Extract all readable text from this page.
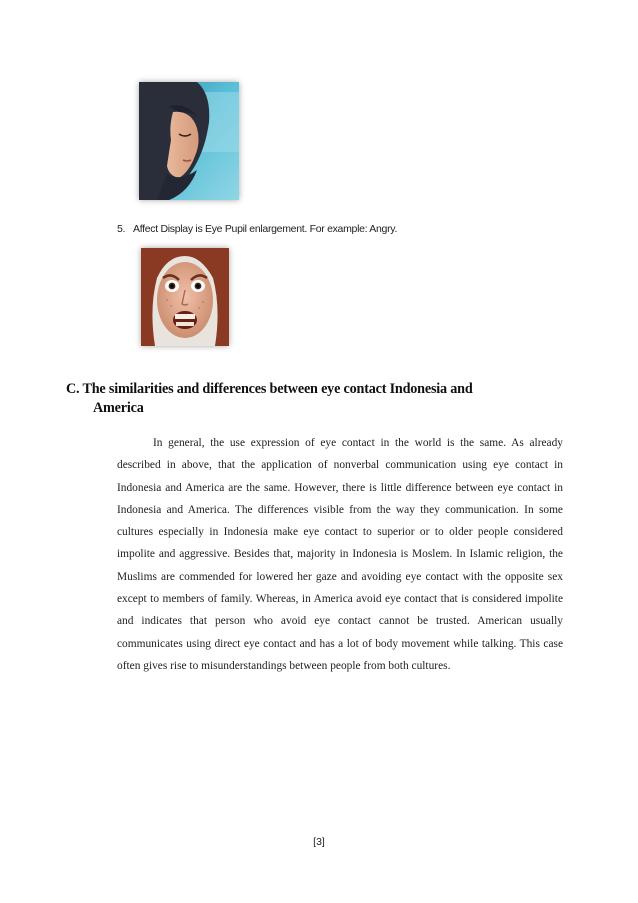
5. Affect Display is Eye Pupil enlargement. For example: Angry.
C. The similarities and differences between eye contact Indonesia and
America

In general, the use expression of eye contact in the world is the same. As already described in above, that the application of nonverbal communication using eye contact in Indonesia and America are the same. However, there is little difference between eye contact in Indonesia and America. The differences visible from the way they communication. In some cultures especially in Indonesia make eye contact to superior or to older people considered impolite and aggressive. Besides that, majority in Indonesia is Moslem. In Islamic religion, the Muslims are commended for lowered her gaze and avoiding eye contact with the opposite sex except to members of family. Whereas, in America avoid eye contact that is considered impolite and indicates that person who avoid eye contact cannot be trusted. American usually communicates using direct eye contact and has a lot of body movement while talking. This case often gives rise to misunderstandings between people from both cultures.

[3]
